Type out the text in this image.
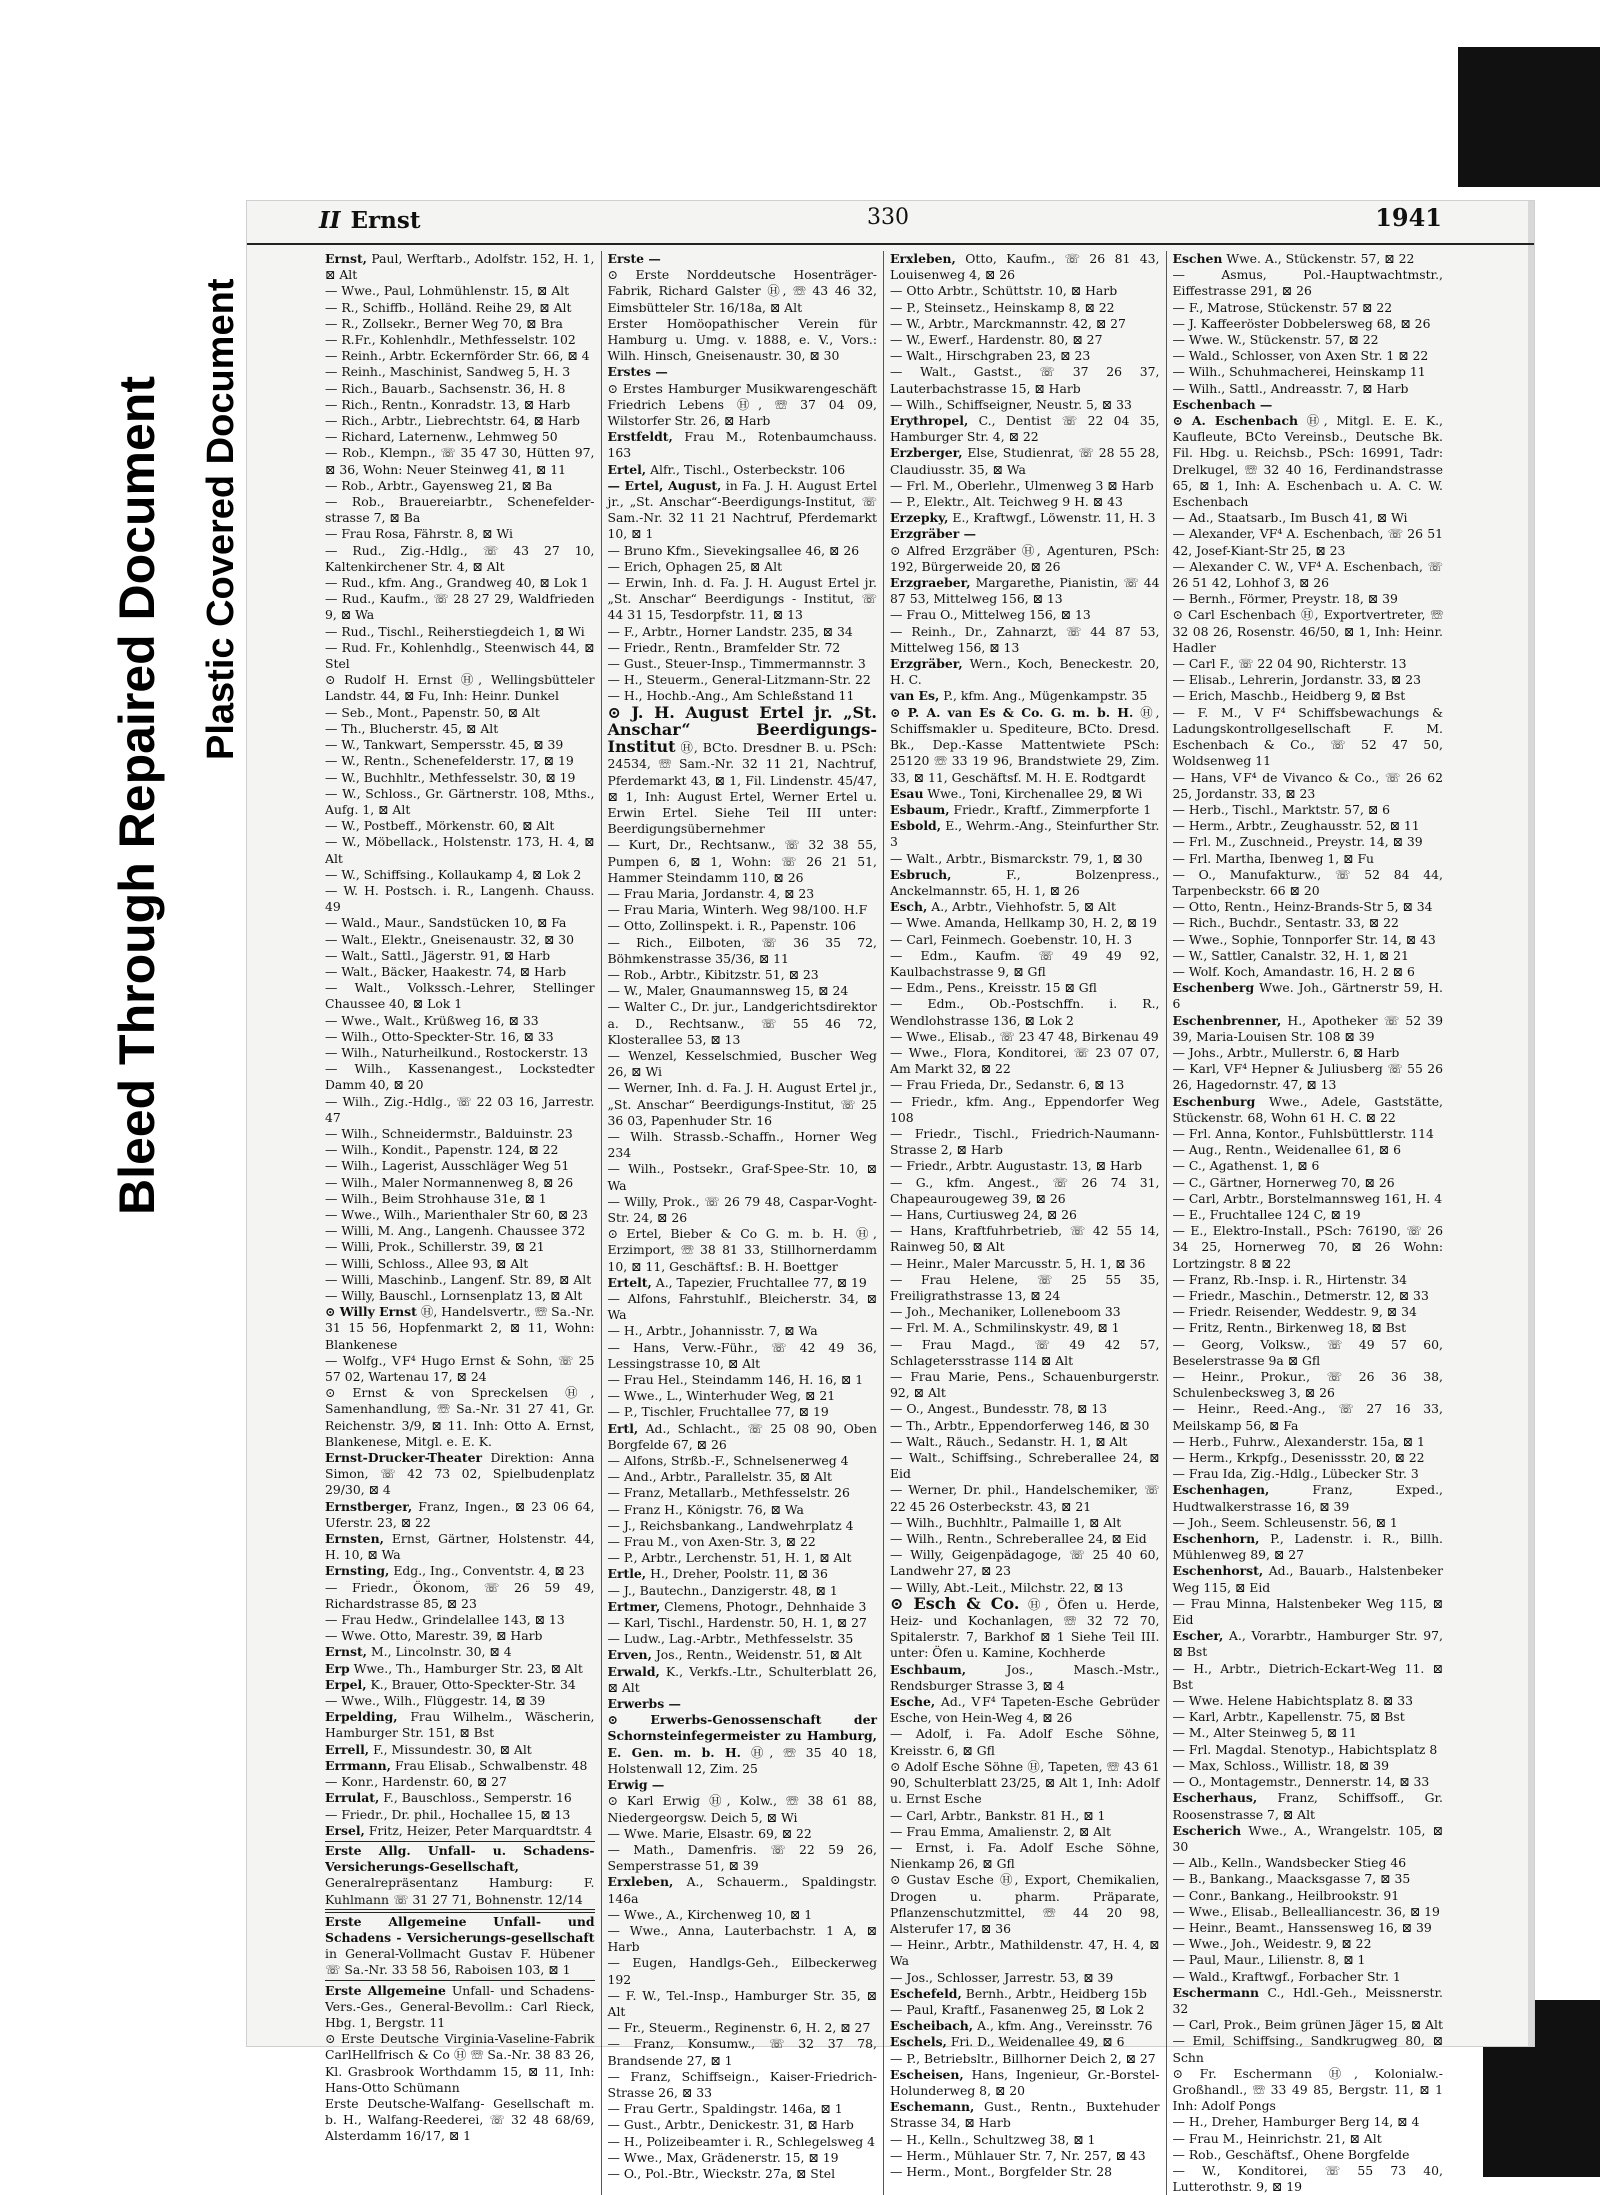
Bleed Through Repaired Document Plastic Covered Document
II Ernst	330	1941
Ernst, Paul, Werftarb., Adolfstr. 152, H. 1, ⊠ Alt
— Wwe., Paul, Lohmühlenstr. 15, ⊠ Alt
— R., Schiffb., Holländ. Reihe 29, ⊠ Alt
— R., Zollsekr., Berner Weg 70, ⊠ Bra
— R.Fr., Kohlenhdlr., Methfesselstr. 102
— Reinh., Arbtr. Eckernförder Str. 66, ⊠ 4
— Reinh., Maschinist, Sandweg 5, H. 3
— Rich., Bauarb., Sachsenstr. 36, H. 8
— Rich., Rentn., Konradstr. 13, ⊠ Harb
— Rich., Arbtr., Liebrechtstr. 64, ⊠ Harb
— Richard, Laternenw., Lehmweg 50
— Rob., Klempn., ☏ 35 47 30, Hütten 97, ⊠ 36, Wohn: Neuer Steinweg 41, ⊠ 11
— Rob., Arbtr., Gayensweg 21, ⊠ Ba
— Rob., Brauereiarbtr., Schenefelder-strasse 7, ⊠ Ba
— Frau Rosa, Fährstr. 8, ⊠ Wi
— Rud., Zig.-Hdlg., ☏ 43 27 10, Kaltenkirchener Str. 4, ⊠ Alt
— Rud., kfm. Ang., Grandweg 40, ⊠ Lok 1
— Rud., Kaufm., ☏ 28 27 29, Waldfrieden 9, ⊠ Wa
— Rud., Tischl., Reiherstiegdeich 1, ⊠ Wi
— Rud. Fr., Kohlenhdlg., Steenwisch 44, ⊠ Stel
⊙ Rudolf H. Ernst Ⓗ, Wellingsbütteler Landstr. 44, ⊠ Fu, Inh: Heinr. Dunkel
— Seb., Mont., Papenstr. 50, ⊠ Alt
— Th., Blucherstr. 45, ⊠ Alt
— W., Tankwart, Sempersstr. 45, ⊠ 39
— W., Rentn., Schenefelderstr. 17, ⊠ 19
— W., Buchhltr., Methfesselstr. 30, ⊠ 19
— W., Schloss., Gr. Gärtnerstr. 108, Mths., Aufg. 1, ⊠ Alt
— W., Postbeff., Mörkenstr. 60, ⊠ Alt
— W., Möbellack., Holstenstr. 173, H. 4, ⊠ Alt
— W., Schiffsing., Kollaukamp 4, ⊠ Lok 2
— W. H. Postsch. i. R., Langenh. Chauss. 49
— Wald., Maur., Sandstücken 10, ⊠ Fa
— Walt., Elektr., Gneisenaustr. 32, ⊠ 30
— Walt., Sattl., Jägerstr. 91, ⊠ Harb
— Walt., Bäcker, Haakestr. 74, ⊠ Harb
— Walt., Volkssch.-Lehrer, Stellinger Chaussee 40, ⊠ Lok 1
— Wwe., Walt., Krüßweg 16, ⊠ 33
— Wilh., Otto-Speckter-Str. 16, ⊠ 33
— Wilh., Naturheilkund., Rostockerstr. 13
— Wilh., Kassenangest., Lockstedter Damm 40, ⊠ 20
— Wilh., Zig.-Hdlg., ☏ 22 03 16, Jarrestr. 47
— Wilh., Schneidermstr., Balduinstr. 23
— Wilh., Kondit., Papenstr. 124, ⊠ 22
— Wilh., Lagerist, Ausschläger Weg 51
— Wilh., Maler Normannenweg 8, ⊠ 26
— Wilh., Beim Strohhause 31e, ⊠ 1
— Wwe., Wilh., Marienthaler Str 60, ⊠ 23
— Willi, M. Ang., Langenh. Chaussee 372
— Willi, Prok., Schillerstr. 39, ⊠ 21
— Willi, Schloss., Allee 93, ⊠ Alt
— Willi, Maschinb., Langenf. Str. 89, ⊠ Alt
— Willy, Bauschl., Lornsenplatz 13, ⊠ Alt
⊙ Willy Ernst Ⓗ, Handelsvertr., ☏ Sa.-Nr. 31 15 56, Hopfenmarkt 2, ⊠ 11, Wohn: Blankenese
— Wolfg., ⅤF⁴ Hugo Ernst & Sohn, ☏ 25 57 02, Wartenau 17, ⊠ 24
⊙ Ernst & von Spreckelsen Ⓗ, Samenhandlung, ☏ Sa.-Nr. 31 27 41, Gr. Reichenstr. 3/9, ⊠ 11. Inh: Otto A. Ernst, Blankenese, Mitgl. e. E. K.
Ernst-Drucker-Theater Direktion: Anna Simon, ☏ 42 73 02, Spielbudenplatz 29/30, ⊠ 4
Ernstberger, Franz, Ingen., ⊠ 23 06 64, Uferstr. 23, ⊠ 22
Ernsten, Ernst, Gärtner, Holstenstr. 44, H. 10, ⊠ Wa
Ernsting, Edg., Ing., Conventstr. 4, ⊠ 23
— Friedr., Ökonom, ☏ 26 59 49, Richardstrasse 85, ⊠ 23
— Frau Hedw., Grindelallee 143, ⊠ 13
— Wwe. Otto, Marestr. 39, ⊠ Harb
Ernst, M., Lincolnstr. 30, ⊠ 4
Erp Wwe., Th., Hamburger Str. 23, ⊠ Alt
Erpel, K., Brauer, Otto-Speckter-Str. 34
— Wwe., Wilh., Flüggestr. 14, ⊠ 39
Erpelding, Frau Wilhelm., Wäscherin, Hamburger Str. 151, ⊠ Bst
Errell, F., Missundestr. 30, ⊠ Alt
Errmann, Frau Elisab., Schwalbenstr. 48
— Konr., Hardenstr. 60, ⊠ 27
Errulat, F., Bauschloss., Semperstr. 16
— Friedr., Dr. phil., Hochallee 15, ⊠ 13
Ersel, Fritz, Heizer, Peter Marquardtstr. 4
Erste Allg. Unfall- u. Schadens-Versicherungs-Gesellschaft, Generalrepräsentanz Hamburg: F. Kuhlmann ☏ 31 27 71, Bohnenstr. 12/14
Erste Allgemeine Unfall- und Schadens - Versicherungs-gesellschaft in General-Vollmacht Gustav F. Hübener ☏ Sa.-Nr. 33 58 56, Raboisen 103, ⊠ 1
Erste Allgemeine Unfall- und Schadens-Vers.-Ges., General-Bevollm.: Carl Rieck, Hbg. 1, Bergstr. 11
⊙ Erste Deutsche Virginia-Vaseline-Fabrik CarlHellfrisch & Co Ⓗ ☏ Sa.-Nr. 38 83 26, Kl. Grasbrook Worthdamm 15, ⊠ 11, Inh: Hans-Otto Schümann
Erste Deutsche-Walfang- Gesellschaft m. b. H., Walfang-Reederei, ☏ 32 48 68/69, Alsterdamm 16/17, ⊠ 1
Erste —
⊙ Erste Norddeutsche Hosenträger-Fabrik, Richard Galster Ⓗ, ☏ 43 46 32, Eimsbütteler Str. 16/18a, ⊠ Alt
Erster Homöopathischer Verein für Hamburg u. Umg. v. 1888, e. V., Vors.: Wilh. Hinsch, Gneisenaustr. 30, ⊠ 30
Erstes —
⊙ Erstes Hamburger Musikwarengeschäft Friedrich Lebens Ⓗ, ☏ 37 04 09, Wilstorfer Str. 26, ⊠ Harb
Erstfeldt, Frau M., Rotenbaumchauss. 163
Ertel, Alfr., Tischl., Osterbeckstr. 106
— Ertel, August, in Fa. J. H. August Ertel jr., „St. Anschar“-Beerdigungs-Institut, ☏ Sam.-Nr. 32 11 21 Nachtruf, Pferdemarkt 10, ⊠ 1
— Bruno Kfm., Sievekingsallee 46, ⊠ 26
— Erich, Ophagen 25, ⊠ Alt
— Erwin, Inh. d. Fa. J. H. August Ertel jr. „St. Anschar“ Beerdigungs - Institut, ☏ 44 31 15, Tesdorpfstr. 11, ⊠ 13
— F., Arbtr., Horner Landstr. 235, ⊠ 34
— Friedr., Rentn., Bramfelder Str. 72
— Gust., Steuer-Insp., Timmermannstr. 3
— H., Steuerm., General-Litzmann-Str. 22
— H., Hochb.-Ang., Am Schleßstand 11
⊙ J. H. August Ertel jr. „St. Anschar“ Beerdigungs-Institut Ⓗ, BCto. Dresdner B. u. PSch: 24534, ☏ Sam.-Nr. 32 11 21, Nachtruf, Pferdemarkt 43, ⊠ 1, Fil. Lindenstr. 45/47, ⊠ 1, Inh: August Ertel, Werner Ertel u. Erwin Ertel. Siehe Teil III unter: Beerdigungsübernehmer
— Kurt, Dr., Rechtsanw., ☏ 32 38 55, Pumpen 6, ⊠ 1, Wohn: ☏ 26 21 51, Hammer Steindamm 110, ⊠ 26
— Frau Maria, Jordanstr. 4, ⊠ 23
— Frau Maria, Winterh. Weg 98/100. H.F
— Otto, Zollinspekt. i. R., Papenstr. 106
— Rich., Eilboten, ☏ 36 35 72, Böhmkenstrasse 35/36, ⊠ 11
— Rob., Arbtr., Kibitzstr. 51, ⊠ 23
— W., Maler, Gnaumannsweg 15, ⊠ 24
— Walter C., Dr. jur., Landgerichtsdirektor a. D., Rechtsanw., ☏ 55 46 72, Klosterallee 53, ⊠ 13
— Wenzel, Kesselschmied, Buscher Weg 26, ⊠ Wi
— Werner, Inh. d. Fa. J. H. August Ertel jr., „St. Anschar“ Beerdigungs-Institut, ☏ 25 36 03, Papenhuder Str. 16
— Wilh. Strassb.-Schaffn., Horner Weg 234
— Wilh., Postsekr., Graf-Spee-Str. 10, ⊠ Wa
— Willy, Prok., ☏ 26 79 48, Caspar-Voght-Str. 24, ⊠ 26
⊙ Ertel, Bieber & Co G. m. b. H. Ⓗ, Erzimport, ☏ 38 81 33, Stillhornerdamm 10, ⊠ 11, Geschäftsf.: B. H. Boettger
Ertelt, A., Tapezier, Fruchtallee 77, ⊠ 19
— Alfons, Fahrstuhlf., Bleicherstr. 34, ⊠ Wa
— H., Arbtr., Johannisstr. 7, ⊠ Wa
— Hans, Verw.-Führ., ☏ 42 49 36, Lessingstrasse 10, ⊠ Alt
— Frau Hel., Steindamm 146, H. 16, ⊠ 1
— Wwe., L., Winterhuder Weg, ⊠ 21
— P., Tischler, Fruchtallee 77, ⊠ 19
Ertl, Ad., Schlacht., ☏ 25 08 90, Oben Borgfelde 67, ⊠ 26
— Alfons, Strßb.-F., Schnelsenerweg 4
— And., Arbtr., Parallelstr. 35, ⊠ Alt
— Franz, Metallarb., Methfesselstr. 26
— Franz H., Königstr. 76, ⊠ Wa
— J., Reichsbankang., Landwehrplatz 4
— Frau M., von Axen-Str. 3, ⊠ 22
— P., Arbtr., Lerchenstr. 51, H. 1, ⊠ Alt
Ertle, H., Dreher, Poolstr. 11, ⊠ 36
— J., Bautechn., Danzigerstr. 48, ⊠ 1
Ertmer, Clemens, Photogr., Dehnhaide 3
— Karl, Tischl., Hardenstr. 50, H. 1, ⊠ 27
— Ludw., Lag.-Arbtr., Methfesselstr. 35
Erven, Jos., Rentn., Weidenstr. 51, ⊠ Alt
Erwald, K., Verkfs.-Ltr., Schulterblatt 26, ⊠ Alt
Erwerbs —
⊙ Erwerbs-Genossenschaft der Schornsteinfegermeister zu Hamburg, E. Gen. m. b. H. Ⓗ, ☏ 35 40 18, Holstenwall 12, Zim. 25
Erwig —
⊙ Karl Erwig Ⓗ, Kolw., ☏ 38 61 88, Niedergeorgsw. Deich 5, ⊠ Wi
— Wwe. Marie, Elsastr. 69, ⊠ 22
— Math., Damenfris. ☏ 22 59 26, Semperstrasse 51, ⊠ 39
Erxleben, A., Schauerm., Spaldingstr. 146a
— Wwe., A., Kirchenweg 10, ⊠ 1
— Wwe., Anna, Lauterbachstr. 1 A, ⊠ Harb
— Eugen, Handlgs-Geh., Eilbeckerweg 192
— F. W., Tel.-Insp., Hamburger Str. 35, ⊠ Alt
— Fr., Steuerm., Reginenstr. 6, H. 2, ⊠ 27
— Franz, Konsumw., ☏ 32 37 78, Brandsende 27, ⊠ 1
— Franz, Schiffseign., Kaiser-Friedrich-Strasse 26, ⊠ 33
— Frau Gertr., Spaldingstr. 146a, ⊠ 1
— Gust., Arbtr., Denickestr. 31, ⊠ Harb
— H., Polizeibeamter i. R., Schlegelsweg 4
— Wwe., Max, Grädenerstr. 15, ⊠ 19
— O., Pol.-Btr., Wieckstr. 27a, ⊠ Stel
Erxleben, Otto, Kaufm., ☏ 26 81 43, Louisenweg 4, ⊠ 26
— Otto Arbtr., Schüttstr. 10, ⊠ Harb
— P., Steinsetz., Heinskamp 8, ⊠ 22
— W., Arbtr., Marckmannstr. 42, ⊠ 27
— W., Ewerf., Hardenstr. 80, ⊠ 27
— Walt., Hirschgraben 23, ⊠ 23
— Walt., Gastst., ☏ 37 26 37, Lauterbachstrasse 15, ⊠ Harb
— Wilh., Schiffseigner, Neustr. 5, ⊠ 33
Erythropel, C., Dentist ☏ 22 04 35, Hamburger Str. 4, ⊠ 22
Erzberger, Else, Studienrat, ☏ 28 55 28, Claudiusstr. 35, ⊠ Wa
— Frl. M., Oberlehr., Ulmenweg 3 ⊠ Harb
— P., Elektr., Alt. Teichweg 9 H. ⊠ 43
Erzepky, E., Kraftwgf., Löwenstr. 11, H. 3
Erzgräber —
⊙ Alfred Erzgräber Ⓗ, Agenturen, PSch: 192, Bürgerweide 20, ⊠ 26
Erzgraeber, Margarethe, Pianistin, ☏ 44 87 53, Mittelweg 156, ⊠ 13
— Frau O., Mittelweg 156, ⊠ 13
— Reinh., Dr., Zahnarzt, ☏ 44 87 53, Mittelweg 156, ⊠ 13
Erzgräber, Wern., Koch, Beneckestr. 20, H. C.
van Es, P., kfm. Ang., Mügenkampstr. 35
⊙ P. A. van Es & Co. G. m. b. H. Ⓗ, Schiffsmakler u. Spediteure, BCto. Dresd. Bk., Dep.-Kasse Mattentwiete PSch: 25120 ☏ 33 19 96, Brandstwiete 29, Zim. 33, ⊠ 11, Geschäftsf. M. H. E. Rodtgardt
Esau Wwe., Toni, Kirchenallee 29, ⊠ Wi
Esbaum, Friedr., Kraftf., Zimmerpforte 1
Esbold, E., Wehrm.-Ang., Steinfurther Str. 3
— Walt., Arbtr., Bismarckstr. 79, 1, ⊠ 30
Esbruch,	F., Bolzenpress., Anckelmannstr. 65, H. 1, ⊠ 26
Esch, A., Arbtr., Viehhofstr. 5, ⊠ Alt
— Wwe. Amanda, Hellkamp 30, H. 2, ⊠ 19
— Carl, Feinmech. Goebenstr. 10, H. 3
— Edm., Kaufm. ☏ 49 49 92, Kaulbachstrasse 9, ⊠ Gfl
— Edm., Pens., Kreisstr. 15 ⊠ Gfl
— Edm., Ob.-Postschffn. i. R., Wendlohstrasse 136, ⊠ Lok 2
— Wwe., Elisab., ☏ 23 47 48, Birkenau 49
— Wwe., Flora, Konditorei, ☏ 23 07 07, Am Markt 32, ⊠ 22
— Frau Frieda, Dr., Sedanstr. 6, ⊠ 13
— Friedr., kfm. Ang., Eppendorfer Weg 108
— Friedr., Tischl., Friedrich-Naumann-Strasse 2, ⊠ Harb
— Friedr., Arbtr. Augustastr. 13, ⊠ Harb
— G., kfm. Angest., ☏ 26 74 31, Chapeaurougeweg 39, ⊠ 26
— Hans, Curtiusweg 24, ⊠ 26
— Hans, Kraftfuhrbetrieb, ☏ 42 55 14, Rainweg 50, ⊠ Alt
— Heinr., Maler Marcusstr. 5, H. 1, ⊠ 36
— Frau Helene, ☏ 25 55 35, Freiligrathstrasse 13, ⊠ 24
— Joh., Mechaniker, Lolleneboom 33
— Frl. M. A., Schmilinskystr. 49, ⊠ 1
— Frau Magd., ☏ 49 42 57, Schlagetersstrasse 114 ⊠ Alt
— Frau Marie, Pens., Schauenburgerstr. 92, ⊠ Alt
— O., Angest., Bundesstr. 78, ⊠ 13
— Th., Arbtr., Eppendorferweg 146, ⊠ 30
— Walt., Räuch., Sedanstr. H. 1, ⊠ Alt
— Walt., Schiffsing., Schreberallee 24, ⊠ Eid
— Werner, Dr. phil., Handelschemiker, ☏ 22 45 26 Osterbeckstr. 43, ⊠ 21
— Wilh., Buchhltr., Palmaille 1, ⊠ Alt
— Wilh., Rentn., Schreberallee 24, ⊠ Eid
— Willy, Geigenpädagoge, ☏ 25 40 60, Landwehr 27, ⊠ 23
— Willy, Abt.-Leit., Milchstr. 22, ⊠ 13
⊙ Esch & Co. Ⓗ, Öfen u. Herde, Heiz- und Kochanlagen, ☏ 32 72 70, Spitalerstr. 7, Barkhof ⊠ 1 Siehe Teil III. unter: Öfen u. Kamine, Kochherde
Eschbaum,	Jos., Masch.-Mstr., Rendsburger Strasse 3, ⊠ 4
Esche, Ad., ⅤF⁴ Tapeten-Esche Gebrüder Esche, von Hein-Weg 4, ⊠ 26
— Adolf, i. Fa. Adolf Esche Söhne, Kreisstr. 6, ⊠ Gfl
⊙ Adolf Esche Söhne Ⓗ, Tapeten, ☏ 43 61 90, Schulterblatt 23/25, ⊠ Alt 1, Inh: Adolf u. Ernst Esche
— Carl, Arbtr., Bankstr. 81 H., ⊠ 1
— Frau Emma, Amalienstr. 2, ⊠ Alt
— Ernst, i. Fa. Adolf Esche Söhne, Nienkamp 26, ⊠ Gfl
⊙ Gustav Esche Ⓗ, Export, Chemikalien, Drogen u. pharm. Präparate, Pflanzenschutzmittel, ☏ 44 20 98, Alsterufer 17, ⊠ 36
— Heinr., Arbtr., Mathildenstr. 47, H. 4, ⊠ Wa
— Jos., Schlosser, Jarrestr. 53, ⊠ 39
Eschefeld, Bernh., Arbtr., Heidberg 15b
— Paul, Kraftf., Fasanenweg 25, ⊠ Lok 2
Escheibach, A., kfm. Ang., Vereinsstr. 76
Eschels, Fri. D., Weidenallee 49, ⊠ 6
— P., Betriebsltr., Billhorner Deich 2, ⊠ 27
Escheisen, Hans, Ingenieur, Gr.-Borstel-Holunderweg 8, ⊠ 20
Eschemann, Gust., Rentn., Buxtehuder Strasse 34, ⊠ Harb
— H., Kelln., Schultzweg 38, ⊠ 1
— Herm., Mühlauer Str. 7, Nr. 257, ⊠ 43
— Herm., Mont., Borgfelder Str. 28
Eschen Wwe. A., Stückenstr. 57, ⊠ 22
— Asmus, Pol.-Hauptwachtmstr., Eiffestrasse 291, ⊠ 26
— F., Matrose, Stückenstr. 57 ⊠ 22
— J. Kaffeeröster Dobbelersweg 68, ⊠ 26
— Wwe. W., Stückenstr. 57, ⊠ 22
— Wald., Schlosser, von Axen Str. 1 ⊠ 22
— Wilh., Schuhmacherei, Heinskamp 11
— Wilh., Sattl., Andreasstr. 7, ⊠ Harb
Eschenbach —
⊙ A. Eschenbach Ⓗ, Mitgl. E. E. K., Kaufleute, BCto Vereinsb., Deutsche Bk. Fil. Hbg. u. Reichsb., PSch: 16991, Tadr: Drelkugel, ☏ 32 40 16, Ferdinandstrasse 65, ⊠ 1, Inh: A. Eschenbach u. A. C. W. Eschenbach
— Ad., Staatsarb., Im Busch 41, ⊠ Wi
— Alexander, ⅤF⁴ A. Eschenbach, ☏ 26 51 42, Josef-Kiant-Str 25, ⊠ 23
— Alexander C. W., ⅤF⁴ A. Eschenbach, ☏ 26 51 42, Lohhof 3, ⊠ 26
— Bernh., Förmer, Preystr. 18, ⊠ 39
⊙ Carl Eschenbach Ⓗ, Exportvertreter, ☏ 32 08 26, Rosenstr. 46/50, ⊠ 1, Inh: Heinr. Hadler
— Carl F., ☏ 22 04 90, Richterstr. 13
— Elisab., Lehrerin, Jordanstr. 33, ⊠ 23
— Erich, Maschb., Heidberg 9, ⊠ Bst
— F. M., ⅤF⁴ Schiffsbewachungs & Ladungskontrollgesellschaft F. M. Eschenbach & Co., ☏ 52 47 50, Woldsenweg 11
— Hans, ⅤF⁴ de Vivanco & Co., ☏ 26 62 25, Jordanstr. 33, ⊠ 23
— Herb., Tischl., Marktstr. 57, ⊠ 6
— Herm., Arbtr., Zeughausstr. 52, ⊠ 11
— Frl. M., Zuschneid., Preystr. 14, ⊠ 39
— Frl. Martha, Ibenweg 1, ⊠ Fu
— O., Manufakturw., ☏ 52 84 44, Tarpenbeckstr. 66 ⊠ 20
— Otto, Rentn., Heinz-Brands-Str 5, ⊠ 34
— Rich., Buchdr., Sentastr. 33, ⊠ 22
— Wwe., Sophie, Tonnporfer Str. 14, ⊠ 43
— W., Sattler, Canalstr. 32, H. 1, ⊠ 21
— Wolf. Koch, Amandastr. 16, H. 2 ⊠ 6
Eschenberg Wwe. Joh., Gärtnerstr 59, H. 6
Eschenbrenner, H., Apotheker ☏ 52 39 39, Maria-Louisen Str. 108 ⊠ 39
— Johs., Arbtr., Mullerstr. 6, ⊠ Harb
— Karl, ⅤF⁴ Hepner & Juliusberg ☏ 55 26 26, Hagedornstr. 47, ⊠ 13
Eschenburg Wwe., Adele, Gaststätte, Stückenstr. 68, Wohn 61 H. C. ⊠ 22
— Frl. Anna, Kontor., Fuhlsbüttlerstr. 114
— Aug., Rentn., Weidenallee 61, ⊠ 6
— C., Agathenst. 1, ⊠ 6
— C., Gärtner, Hornerweg 70, ⊠ 26
— Carl, Arbtr., Borstelmannsweg 161, H. 4
— E., Fruchtallee 124 C, ⊠ 19
— E., Elektro-Install., PSch: 76190, ☏ 26 34 25, Hornerweg 70, ⊠ 26 Wohn: Lortzingstr. 8 ⊠ 22
— Franz, Rb.-Insp. i. R., Hirtenstr. 34
— Friedr., Maschin., Detmerstr. 12, ⊠ 33
— Friedr. Reisender, Weddestr. 9, ⊠ 34
— Fritz, Rentn., Birkenweg 18, ⊠ Bst
— Georg, Volksw., ☏ 49 57 60, Beselerstrasse 9a ⊠ Gfl
— Heinr., Prokur., ☏ 26 36 38, Schulenbecksweg 3, ⊠ 26
— Heinr., Reed.-Ang., ☏ 27 16 33, Meilskamp 56, ⊠ Fa
— Herb., Fuhrw., Alexanderstr. 15a, ⊠ 1
— Herm., Krkpfg., Desenissstr. 20, ⊠ 22
— Frau Ida, Zig.-Hdlg., Lübecker Str. 3
Eschenhagen,	Franz, Exped., Hudtwalkerstrasse 16, ⊠ 39
— Joh., Seem. Schleusenstr. 56, ⊠ 1
Eschenhorn, P., Ladenstr. i. R., Billh. Mühlenweg 89, ⊠ 27
Eschenhorst, Ad., Bauarb., Halstenbeker Weg 115, ⊠ Eid
— Frau Minna, Halstenbeker Weg 115, ⊠ Eid
Escher, A., Vorarbtr., Hamburger Str. 97, ⊠ Bst
— H., Arbtr., Dietrich-Eckart-Weg 11. ⊠ Bst
— Wwe. Helene Habichtsplatz 8. ⊠ 33
— Karl, Arbtr., Kapellenstr. 75, ⊠ Bst
— M., Alter Steinweg 5, ⊠ 11
— Frl. Magdal. Stenotyp., Habichtsplatz 8
— Max, Schloss., Willistr. 18, ⊠ 39
— O., Montagemstr., Dennerstr. 14, ⊠ 33
Escherhaus, Franz, Schiffsoff., Gr. Roosenstrasse 7, ⊠ Alt
Escherich Wwe., A., Wrangelstr. 105, ⊠ 30
— Alb., Kelln., Wandsbecker Stieg 46
— B., Bankang., Maacksgasse 7, ⊠ 35
— Conr., Bankang., Heilbrookstr. 91
— Wwe., Elisab., Bellealliancestr. 36, ⊠ 19
— Heinr., Beamt., Hanssensweg 16, ⊠ 39
— Wwe., Joh., Weidestr. 9, ⊠ 22
— Paul, Maur., Lilienstr. 8, ⊠ 1
— Wald., Kraftwgf., Forbacher Str. 1
Eschermann C., Hdl.-Geh., Meissnerstr. 32
— Carl, Prok., Beim grünen Jäger 15, ⊠ Alt
— Emil, Schiffsing., Sandkrugweg 80, ⊠ Schn
⊙ Fr. Eschermann Ⓗ, Kolonialw.-Großhandl., ☏ 33 49 85, Bergstr. 11, ⊠ 1 Inh: Adolf Pongs
— H., Dreher, Hamburger Berg 14, ⊠ 4
— Frau M., Heinrichstr. 21, ⊠ Alt
— Rob., Geschäftsf., Ohene Borgfelde
— W., Konditorei, ☏ 55 73 40, Lutterothstr. 9, ⊠ 19
